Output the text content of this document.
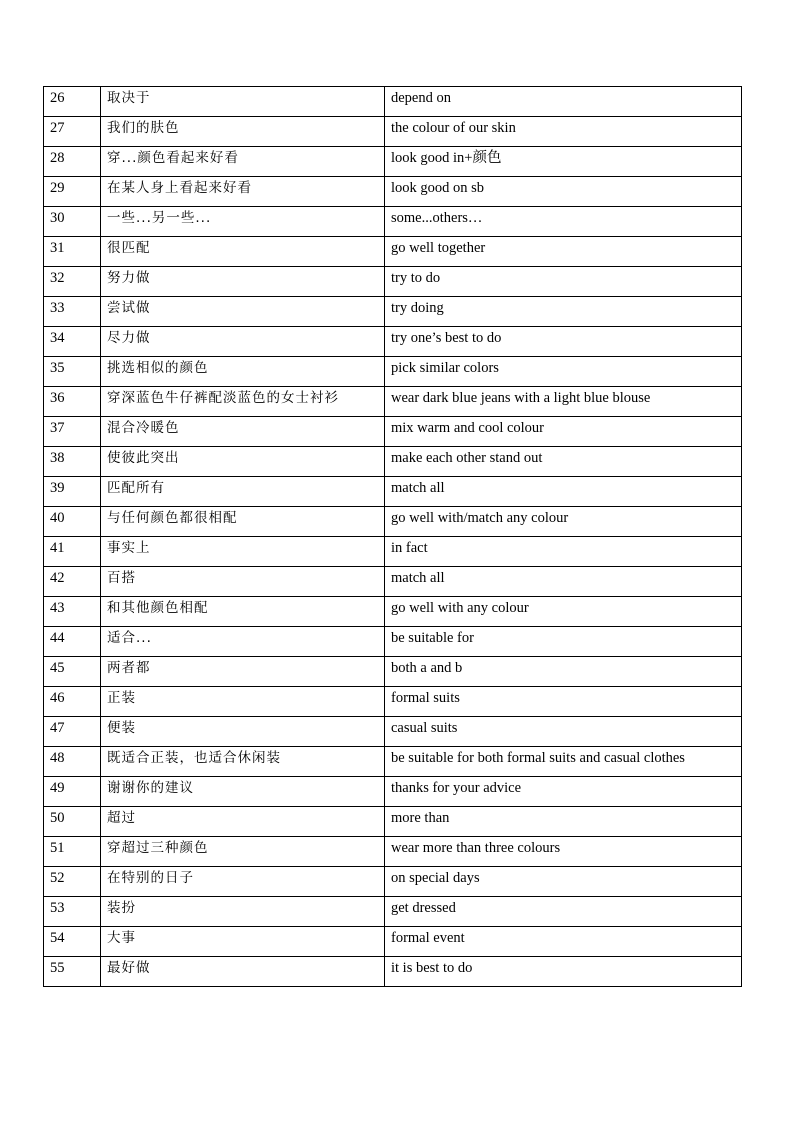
26	取决于	depend on
27	我们的肤色	the colour of our skin
28	穿...颜色看起来好看	look good in+颜色
29	在某人身上看起来好看	look good on sb
30	一些...另一些...	some...others…
31	很匹配	go well together
32	努力做	try to do
33	尝试做	try doing
34	尽力做	try one’s best to do
35	挑选相似的颜色	pick similar colors
36	穿深蓝色牛仔裤配淡蓝色的女士衬衫	wear dark blue jeans with a light blue blouse
37	混合冷暖色	mix warm and cool colour
38	使彼此突出	make each other stand out
39	匹配所有	match all
40	与任何颜色都很相配	go well with/match any colour
41	事实上	in fact
42	百搭	match all
43	和其他颜色相配	go well with any colour
44	适合...	be suitable for
45	两者都	both a and b
46	正装	formal suits
47	便装	casual suits
48	既适合正装，也适合休闲装	be suitable for both formal suits and casual clothes
49	谢谢你的建议	thanks for your advice
50	超过	more than
51	穿超过三种颜色	wear more than three colours
52	在特别的日子	on special days
53	装扮	get dressed
54	大事	formal event
55	最好做	it is best to do
